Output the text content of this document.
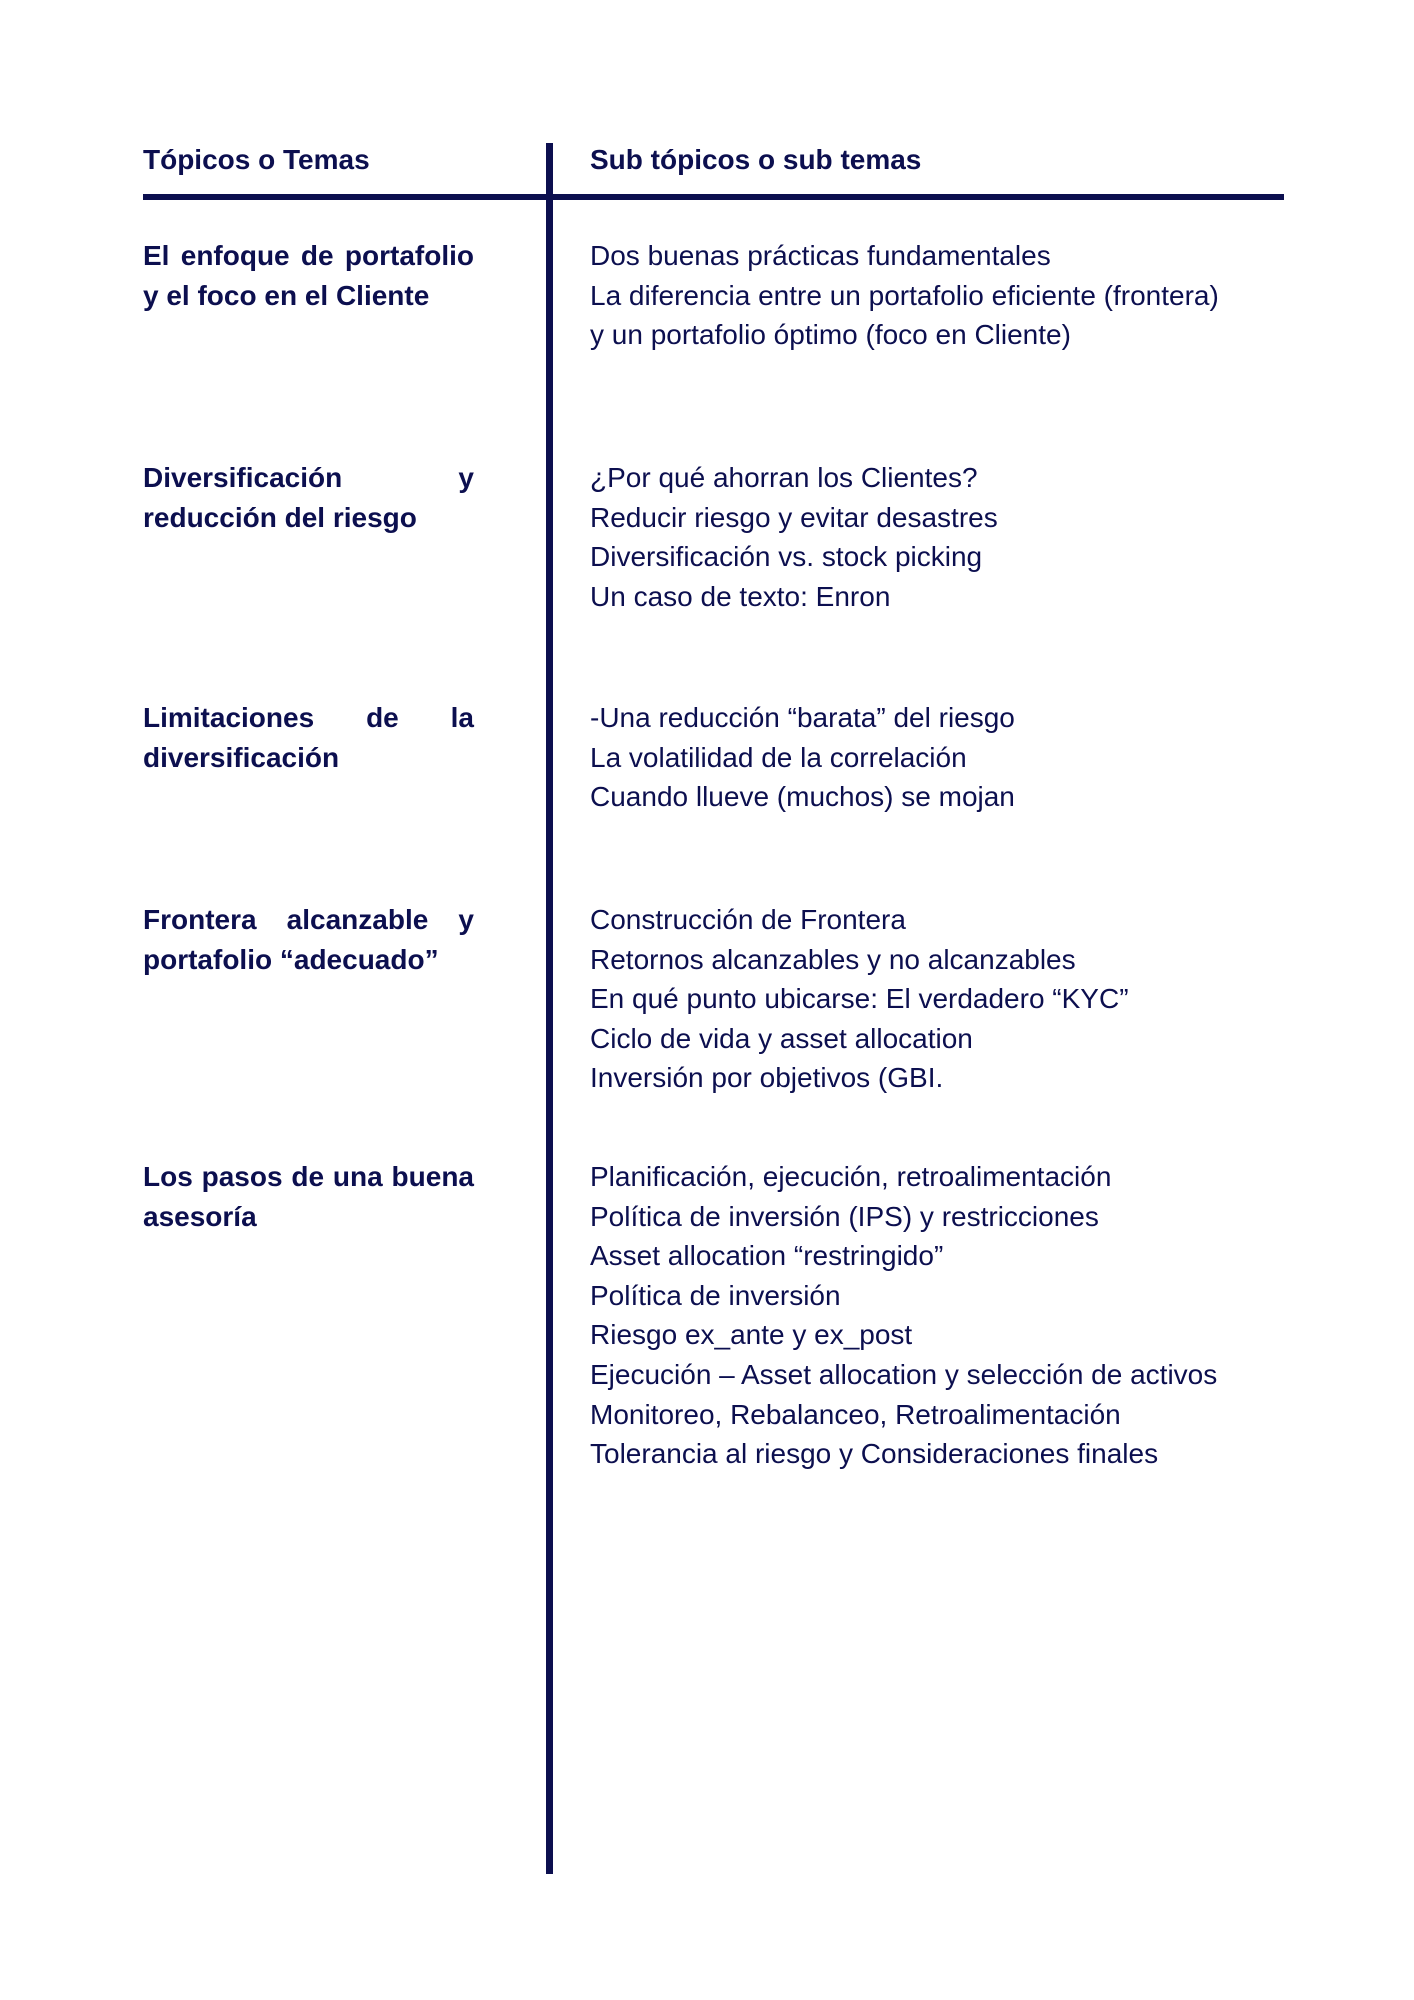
Tópicos o Temas	Sub tópicos o sub temas
El enfoque de portafolio y el foco en el Cliente
Dos buenas prácticas fundamentales
La diferencia entre un portafolio eficiente (frontera)
y un portafolio óptimo (foco en Cliente)
Diversificación y reducción del riesgo
¿Por qué ahorran los Clientes?
Reducir riesgo y evitar desastres
Diversificación vs. stock picking
Un caso de texto: Enron
Limitaciones de la diversificación
-Una reducción “barata” del riesgo
La volatilidad de la correlación
Cuando llueve (muchos) se mojan
Frontera alcanzable y portafolio “adecuado”
Construcción de Frontera
Retornos alcanzables y no alcanzables
En qué punto ubicarse: El verdadero “KYC”
Ciclo de vida y asset allocation
Inversión por objetivos (GBI.
Los pasos de una buena asesoría
Planificación, ejecución, retroalimentación
Política de inversión (IPS) y restricciones
Asset allocation “restringido”
Política de inversión
Riesgo ex_ante y ex_post
Ejecución – Asset allocation y selección de activos
Monitoreo, Rebalanceo, Retroalimentación
Tolerancia al riesgo y Consideraciones finales
